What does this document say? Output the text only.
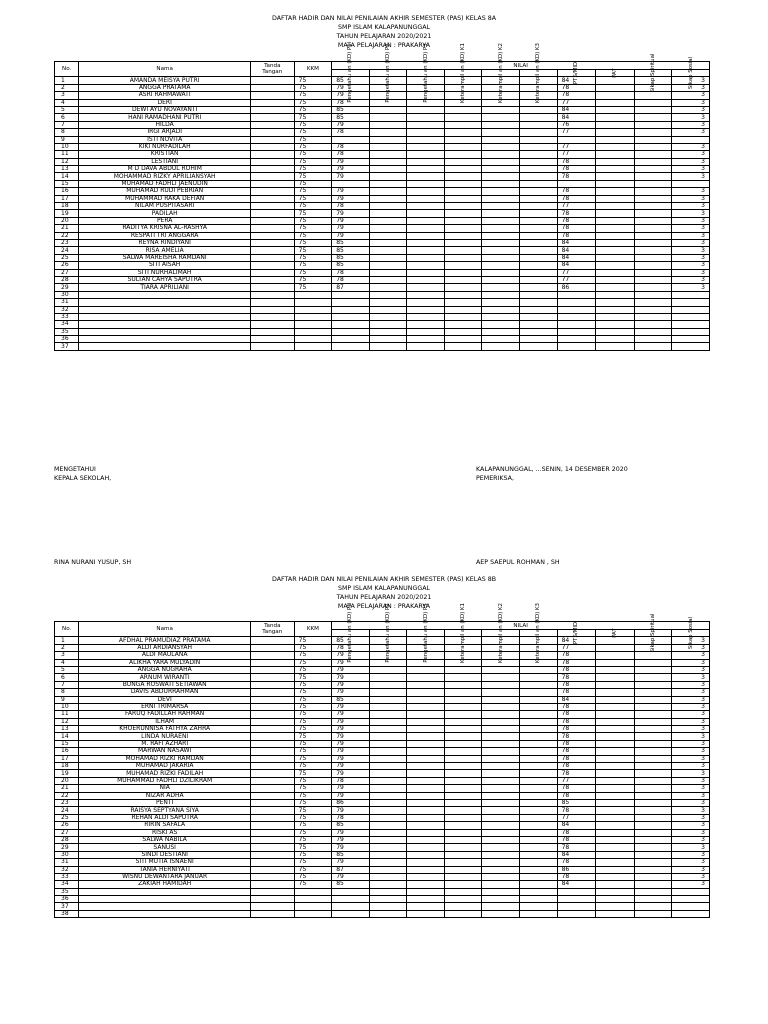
DAFTAR HADIR DAN NILAI PENILAIAN AKHIR SEMESTER (PAS) KELAS 8A
SMP ISLAM KALAPANUNGGAL
TAHUN PELAJARAN 2020/2021
MATA PELAJARAN : PRAKARYA
No.	Nama	Tanda Tangan	KKM	NILAI									

				Pengetahu an (KD) P1	Pengetahu an (KD) P2	Pengetahu an (KD) P3	Keterampil an (KD) K1	Keterampil an (KD) K2	Keterampil an (KD) K3	PTS/MID	PAT	Sikap Spiritual	Sikap Sosial

1	AMANDA MEISYA PUTRI		75	85						84			3
2	ANGGA PRATAMA		75	79						78			3
3	ASRI RAHMAWATI		75	79						78			3
4	DERI		75	78						77			3
5	DEWI AYU NOVAYANTI		75	85						84			3
6	HANI RAMADHANI PUTRI		75	85						84			3
7	HILDA		75	79						76			3
8	IRGI ARJADI		75	78						77			3
9	ISTI NOVITA		75										
10	KIKI NURFADILAH		75	78						77			3
11	KRISTIAN		75	78						77			3
12	LESTIANI		75	79						78			3
13	M D DAVA ABDUL ROHIM		75	79						78			3
14	MOHAMMAD RIZKY APRILIANSYAH		75	79						78			3
15	MUHAMAD FADHLI JAENUDIN		75										
16	MUHAMAD RUDI PEBRIAN		75	79						78			3
17	MUHAMMAD RAKA DEFIAN		75	79						78			3
18	NILAM PUSPITASARI		75	78						77			3
19	PADILAH		75	79						78			3
20	PERA		75	79						78			3
21	RADITYA KRISNA AL-RASHYA		75	79						78			3
22	RESPATI TRI ANGGARA		75	79						78			3
23	REYNA RINDIYANI		75	85						84			3
24	RISA AMELIA		75	85						84			3
25	SALWA MAREISHA RAMDANI		75	85						84			3
26	SITI AISAH		75	85						84			3
27	SITI NURHALIMAH		75	78						77			3
28	SULTAN CAHYA SAPUTRA		75	78						77			3
29	TIARA APRILIANI		75	87						86			3
30													
31													
32													
33													
34													
35													
36													
37													
MENGETAHUI
KEPALA SEKOLAH,
KALAPANUNGGAL, ...SENIN, 14 DESEMBER 2020
PEMERIKSA,
RINA NURANI YUSUP, SH	AEP SAEPUL ROHMAN , SH
DAFTAR HADIR DAN NILAI PENILAIAN AKHIR SEMESTER (PAS) KELAS 8B
SMP ISLAM KALAPANUNGGAL
TAHUN PELAJARAN 2020/2021
MATA PELAJARAN : PRAKARYA
No.	Nama	Tanda Tangan	KKM	NILAI									

				Pengetahu an (KD) P1	Pengetahu an (KD) P2	Pengetahu an (KD) P3	Keterampil an (KD) K1	Keterampil an (KD) K2	Keterampil an (KD) K3	PTS/MID	PAT	Sikap Spiritual	Sikap Sosial

1	AFDHAL PRAMUDIAZ PRATAMA		75	85						84			3
2	ALDI ARDIANSYAH		75	78						77			3
3	ALDI MAULANA		75	79						78			3
4	ALIKHA YARA MULYADIN		75	79						78			3
5	ANGGA NUGRAHA		75	79						78			3
6	ARNUM WIRANTI		75	79						78			3
7	BUNGA ROSWATI SETIAWAN		75	79						78			3
8	DAVIS ABDURRAHMAN		75	79						78			3
9	DEVI		75	85						84			3
10	ERNI TRIMARSA		75	79						78			3
11	FARUQ FADILLAH RAHMAN		75	79						78			3
12	ILHAM		75	79						78			3
13	KHOERUNNISA FATHYA ZAHRA		75	79						78			3
14	LINDA NURAENI		75	79						78			3
15	M. RAFI AZHARI		75	79						78			3
16	MARWAN NASAWI		75	79						78			3
17	MOHAMAD RIZKI RAMDAN		75	79						78			3
18	MUHAMAD JAKARIA		75	79						78			3
19	MUHAMAD RIZKI FADILAH		75	79						78			3
20	MUHAMMAD FADHLI DZILIKRAM		75	78						77			3
21	NIA		75	79						78			3
22	NIZAR ADHA		75	79						78			3
23	PENTI		75	86						85			3
24	RAISYA SEPTYANA SIYA		75	79						78			3
25	REHAN ALDI SAPUTRA		75	78						77			3
26	RIRIN SAFALA		75	85						84			3
27	RISKI AS		75	79						78			3
28	SALWA NABILA		75	79						78			3
29	SANUSI		75	79						78			3
30	SINDI DESTIANI		75	85						84			3
31	SITI MUTIA ISNAENI		75	79						78			3
32	TANIA HERNIYATI		75	87						86			3
33	WISNU DEWANTARA JANUAR		75	79						78			3
34	ZAKIAH HAMIDAH		75	85						84			3
35													
36													
37													
38													
